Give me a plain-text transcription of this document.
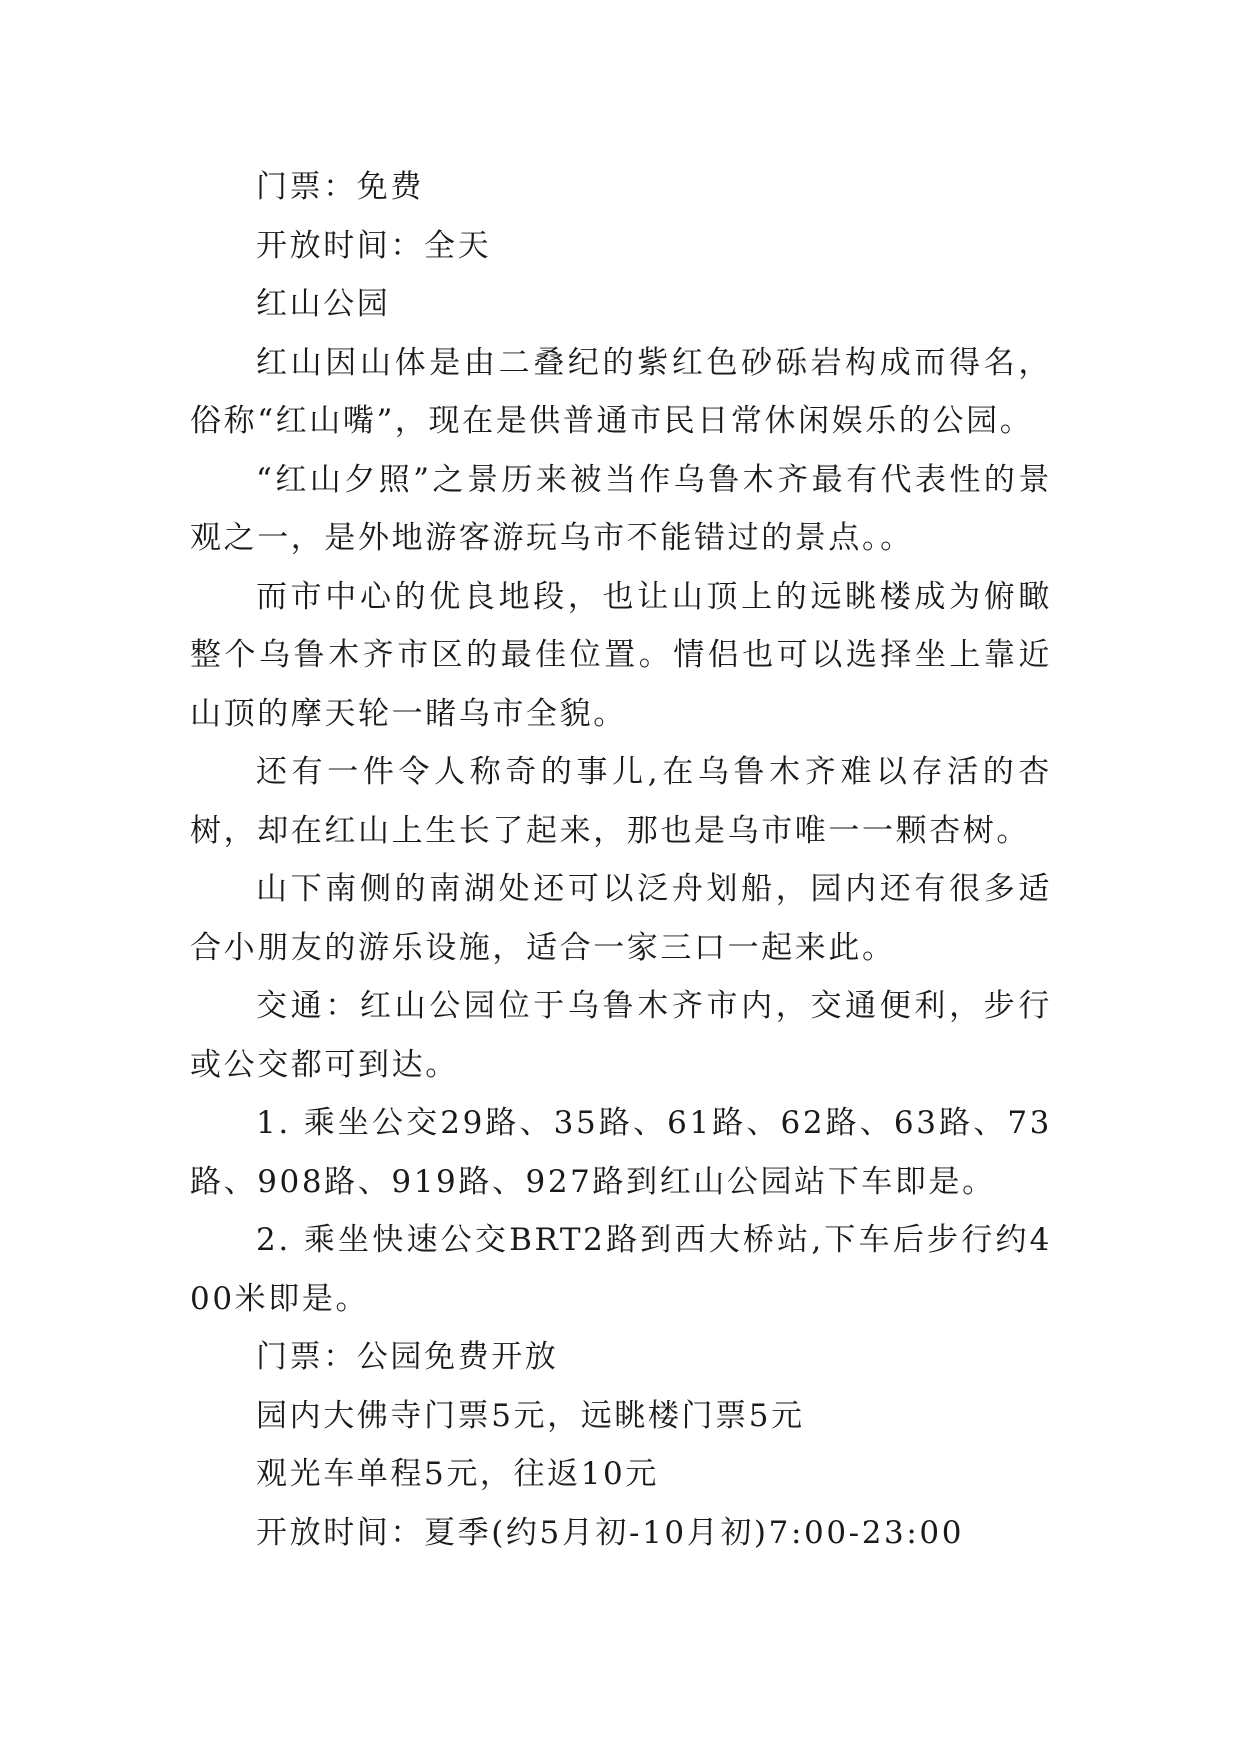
门票：免费

开放时间：全天

红山公园

红山因山体是由二叠纪的紫红色砂砾岩构成而得名，俗称“红山嘴”，现在是供普通市民日常休闲娱乐的公园。

“红山夕照”之景历来被当作乌鲁木齐最有代表性的景观之一，是外地游客游玩乌市不能错过的景点。。

而市中心的优良地段，也让山顶上的远眺楼成为俯瞰整个乌鲁木齐市区的最佳位置。情侣也可以选择坐上靠近山顶的摩天轮一睹乌市全貌。

还有一件令人称奇的事儿,在乌鲁木齐难以存活的杏树，却在红山上生长了起来，那也是乌市唯一一颗杏树。

山下南侧的南湖处还可以泛舟划船，园内还有很多适合小朋友的游乐设施，适合一家三口一起来此。

交通：红山公园位于乌鲁木齐市内，交通便利，步行或公交都可到达。

1. 乘坐公交29路、35路、61路、62路、63路、73路、908路、919路、927路到红山公园站下车即是。

2. 乘坐快速公交BRT2路到西大桥站,下车后步行约400米即是。

门票：公园免费开放

园内大佛寺门票5元，远眺楼门票5元

观光车单程5元，往返10元

开放时间：夏季(约5月初-10月初)7:00-23:00
